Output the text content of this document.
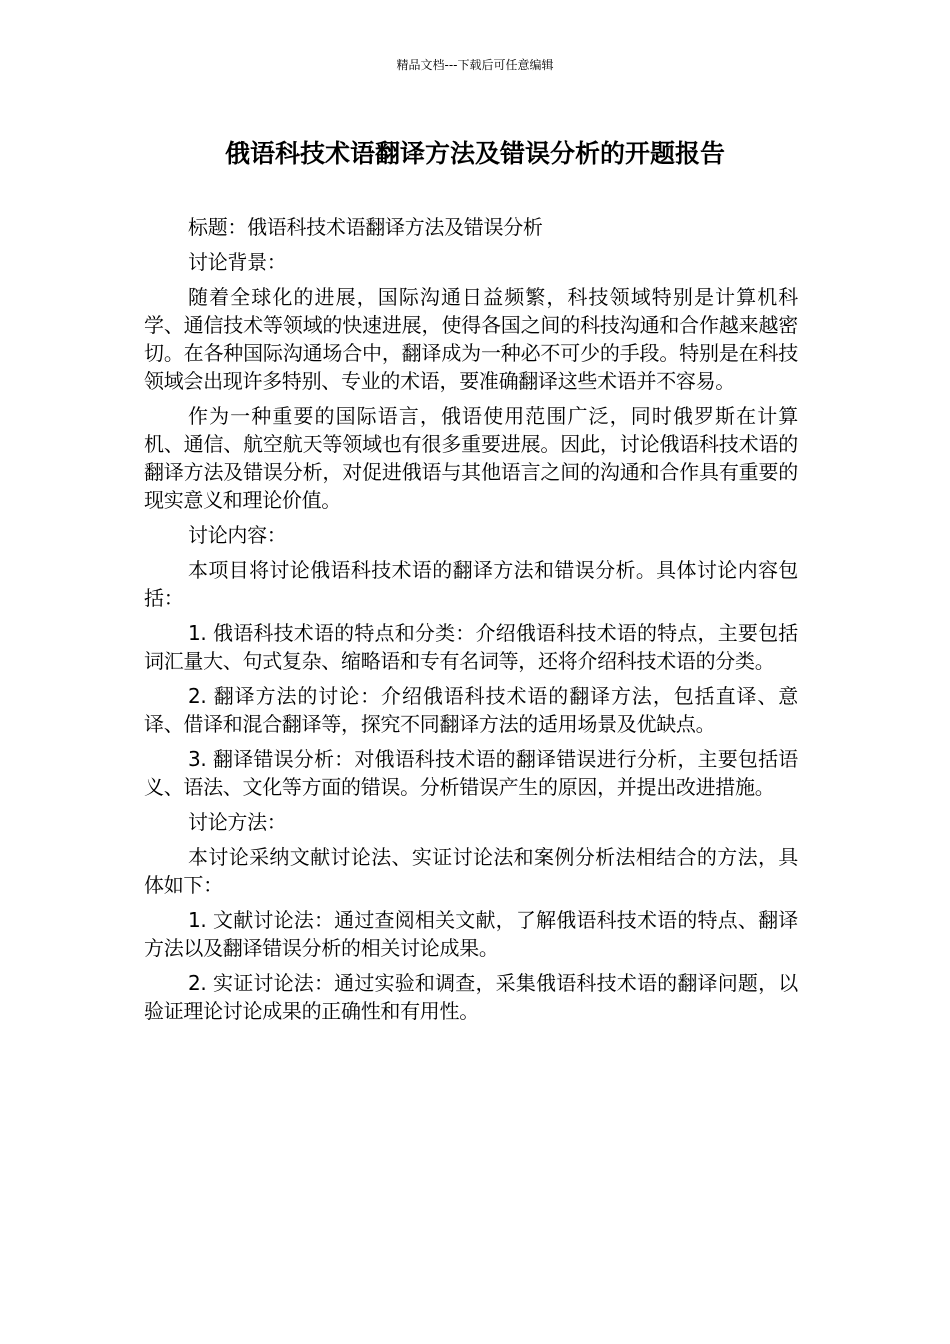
精品文档---下载后可任意编辑
俄语科技术语翻译方法及错误分析的开题报告

标题：俄语科技术语翻译方法及错误分析

讨论背景：

随着全球化的进展，国际沟通日益频繁，科技领域特别是计算机科学、通信技术等领域的快速进展，使得各国之间的科技沟通和合作越来越密切。在各种国际沟通场合中，翻译成为一种必不可少的手段。特别是在科技领域会出现许多特别、专业的术语，要准确翻译这些术语并不容易。

作为一种重要的国际语言，俄语使用范围广泛，同时俄罗斯在计算机、通信、航空航天等领域也有很多重要进展。因此，讨论俄语科技术语的翻译方法及错误分析，对促进俄语与其他语言之间的沟通和合作具有重要的现实意义和理论价值。

讨论内容：

本项目将讨论俄语科技术语的翻译方法和错误分析。具体讨论内容包括：

1. 俄语科技术语的特点和分类：介绍俄语科技术语的特点，主要包括词汇量大、句式复杂、缩略语和专有名词等，还将介绍科技术语的分类。

2. 翻译方法的讨论：介绍俄语科技术语的翻译方法，包括直译、意译、借译和混合翻译等，探究不同翻译方法的适用场景及优缺点。

3. 翻译错误分析：对俄语科技术语的翻译错误进行分析，主要包括语义、语法、文化等方面的错误。分析错误产生的原因，并提出改进措施。

讨论方法：

本讨论采纳文献讨论法、实证讨论法和案例分析法相结合的方法，具体如下：

1. 文献讨论法：通过查阅相关文献，了解俄语科技术语的特点、翻译方法以及翻译错误分析的相关讨论成果。

2. 实证讨论法：通过实验和调查，采集俄语科技术语的翻译问题，以验证理论讨论成果的正确性和有用性。
